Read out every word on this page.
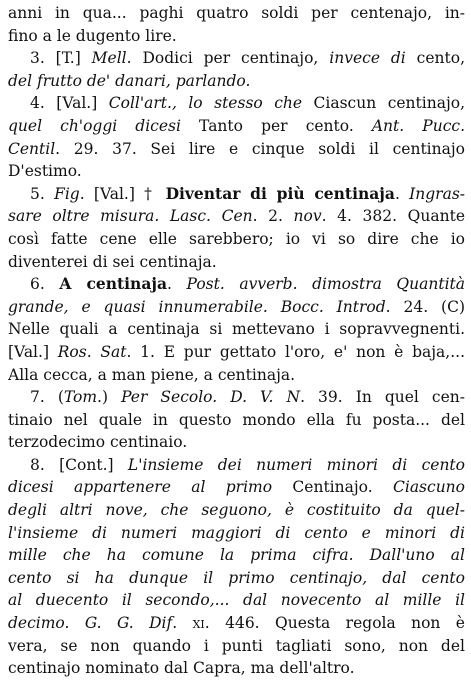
anni in qua... paghi quatro soldi per centenajo, in-
fino a le dugento lire.
3. [T.] Mell. Dodici per centinajo, invece di cento,
del frutto de' danari, parlando.
4. [Val.] Coll'art., lo stesso che Ciascun centinajo,
quel ch'oggi dicesi Tanto per cento. Ant. Pucc.
Centil. 29. 37. Sei lire e cinque soldi il centinajo
D'estimo.
5. Fig. [Val.] † Diventar di più centinaja. Ingras-
sare oltre misura. Lasc. Cen. 2. nov. 4. 382. Quante
così fatte cene elle sarebbero; io vi so dire che io
diventerei di sei centinaja.
6. A centinaja. Post. avverb. dimostra Quantità
grande, e quasi innumerabile. Bocc. Introd. 24. (C)
Nelle quali a centinaja si mettevano i sopravvegnenti.
[Val.] Ros. Sat. 1. E pur gettato l'oro, e' non è baja,...
Alla cecca, a man piene, a centinaja.
7. (Tom.) Per Secolo. D. V. N. 39. In quel cen-
tinaio nel quale in questo mondo ella fu posta... del
terzodecimo centinaio.
8. [Cont.] L'insieme dei numeri minori di cento
dicesi appartenere al primo Centinajo. Ciascuno
degli altri nove, che seguono, è costituito da quel-
l'insieme di numeri maggiori di cento e minori di
mille che ha comune la prima cifra. Dall'uno al
cento si ha dunque il primo centinajo, dal cento
al duecento il secondo,... dal novecento al mille il
decimo. G. G. Dif. xi. 446. Questa regola non è
vera, se non quando i punti tagliati sono, non del
centinajo nominato dal Capra, ma dell'altro.
